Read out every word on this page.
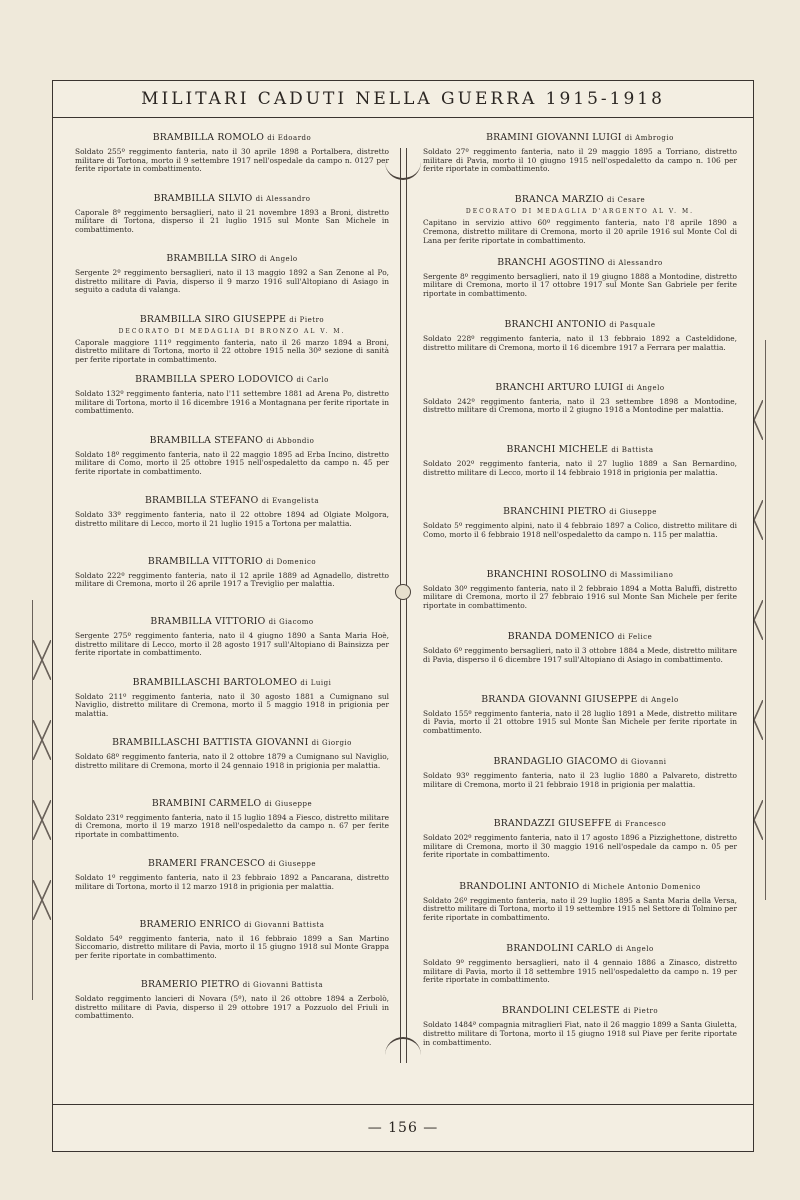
MILITARI CADUTI NELLA GUERRA 1915-1918
BRAMBILLA ROMOLO di Edoardo
Soldato 255º reggimento fanteria, nato il 30 aprile 1898 a Portalbera, distretto militare di Tortona, morto il 9 settembre 1917 nell'ospedale da campo n. 0127 per ferite riportate in combattimento.
BRAMBILLA SILVIO di Alessandro
Caporale 8º reggimento bersaglieri, nato il 21 novembre 1893 a Broni, distretto militare di Tortona, disperso il 21 luglio 1915 sul Monte San Michele in combattimento.
BRAMBILLA SIRO di Angelo
Sergente 2º reggimento bersaglieri, nato il 13 maggio 1892 a San Zenone al Po, distretto militare di Pavia, disperso il 9 marzo 1916 sull'Altopiano di Asiago in seguito a caduta di valanga.
BRAMBILLA SIRO GIUSEPPE di Pietro
DECORATO DI MEDAGLIA DI BRONZO AL V. M.
Caporale maggiore 111º reggimento fanteria, nato il 26 marzo 1894 a Broni, distretto militare di Tortona, morto il 22 ottobre 1915 nella 30ª sezione di sanità per ferite riportate in combattimento.
BRAMBILLA SPERO LODOVICO di Carlo
Soldato 132º reggimento fanteria, nato l'11 settembre 1881 ad Arena Po, distretto militare di Tortona, morto il 16 dicembre 1916 a Montagnana per ferite riportate in combattimento.
BRAMBILLA STEFANO di Abbondio
Soldato 18º reggimento fanteria, nato il 22 maggio 1895 ad Erba Incino, distretto militare di Como, morto il 25 ottobre 1915 nell'ospedaletto da campo n. 45 per ferite riportate in combattimento.
BRAMBILLA STEFANO di Evangelista
Soldato 33º reggimento fanteria, nato il 22 ottobre 1894 ad Olgiate Molgora, distretto militare di Lecco, morto il 21 luglio 1915 a Tortona per malattia.
BRAMBILLA VITTORIO di Domenico
Soldato 222º reggimento fanteria, nato il 12 aprile 1889 ad Agnadello, distretto militare di Cremona, morto il 26 aprile 1917 a Treviglio per malattia.
BRAMBILLA VITTORIO di Giacomo
Sergente 275º reggimento fanteria, nato il 4 giugno 1890 a Santa Maria Hoè, distretto militare di Lecco, morto il 28 agosto 1917 sull'Altopiano di Bainsizza per ferite riportate in combattimento.
BRAMBILLASCHI BARTOLOMEO di Luigi
Soldato 211º reggimento fanteria, nato il 30 agosto 1881 a Cumignano sul Naviglio, distretto militare di Cremona, morto il 5 maggio 1918 in prigionia per malattia.
BRAMBILLASCHI BATTISTA GIOVANNI di Giorgio
Soldato 68º reggimento fanteria, nato il 2 ottobre 1879 a Cumignano sul Naviglio, distretto militare di Cremona, morto il 24 gennaio 1918 in prigionia per malattia.
BRAMBINI CARMELO di Giuseppe
Soldato 231º reggimento fanteria, nato il 15 luglio 1894 a Fiesco, distretto militare di Cremona, morto il 19 marzo 1918 nell'ospedaletto da campo n. 67 per ferite riportate in combattimento.
BRAMERI FRANCESCO di Giuseppe
Soldato 1º reggimento fanteria, nato il 23 febbraio 1892 a Pancarana, distretto militare di Tortona, morto il 12 marzo 1918 in prigionia per malattia.
BRAMERIO ENRICO di Giovanni Battista
Soldato 54º reggimento fanteria, nato il 16 febbraio 1899 a San Martino Siccomario, distretto militare di Pavia, morto il 15 giugno 1918 sul Monte Grappa per ferite riportate in combattimento.
BRAMERIO PIETRO di Giovanni Battista
Soldato reggimento lancieri di Novara (5º), nato il 26 ottobre 1894 a Zerbolò, distretto militare di Pavia, disperso il 29 ottobre 1917 a Pozzuolo del Friuli in combattimento.
BRAMINI GIOVANNI LUIGI di Ambrogio
Soldato 27º reggimento fanteria, nato il 29 maggio 1895 a Torriano, distretto militare di Pavia, morto il 10 giugno 1915 nell'ospedaletto da campo n. 106 per ferite riportate in combattimento.
BRANCA MARZIO di Cesare
DECORATO DI MEDAGLIA D'ARGENTO AL V. M.
Capitano in servizio attivo 60º reggimento fanteria, nato l'8 aprile 1890 a Cremona, distretto militare di Cremona, morto il 20 aprile 1916 sul Monte Col di Lana per ferite riportate in combattimento.
BRANCHI AGOSTINO di Alessandro
Sergente 8º reggimento bersaglieri, nato il 19 giugno 1888 a Montodine, distretto militare di Cremona, morto il 17 ottobre 1917 sul Monte San Gabriele per ferite riportate in combattimento.
BRANCHI ANTONIO di Pasquale
Soldato 228º reggimento fanteria, nato il 13 febbraio 1892 a Casteldidone, distretto militare di Cremona, morto il 16 dicembre 1917 a Ferrara per malattia.
BRANCHI ARTURO LUIGI di Angelo
Soldato 242º reggimento fanteria, nato il 23 settembre 1898 a Montodine, distretto militare di Cremona, morto il 2 giugno 1918 a Montodine per malattia.
BRANCHI MICHELE di Battista
Soldato 202º reggimento fanteria, nato il 27 luglio 1889 a San Bernardino, distretto militare di Lecco, morto il 14 febbraio 1918 in prigionia per malattia.
BRANCHINI PIETRO di Giuseppe
Soldato 5º reggimento alpini, nato il 4 febbraio 1897 a Colico, distretto militare di Como, morto il 6 febbraio 1918 nell'ospedaletto da campo n. 115 per malattia.
BRANCHINI ROSOLINO di Massimiliano
Soldato 30º reggimento fanteria, nato il 2 febbraio 1894 a Motta Baluffi, distretto militare di Cremona, morto il 27 febbraio 1916 sul Monte San Michele per ferite riportate in combattimento.
BRANDA DOMENICO di Felice
Soldato 6º reggimento bersaglieri, nato il 3 ottobre 1884 a Mede, distretto militare di Pavia, disperso il 6 dicembre 1917 sull'Altopiano di Asiago in combattimento.
BRANDA GIOVANNI GIUSEPPE di Angelo
Soldato 155º reggimento fanteria, nato il 28 luglio 1891 a Mede, distretto militare di Pavia, morto il 21 ottobre 1915 sul Monte San Michele per ferite riportate in combattimento.
BRANDAGLIO GIACOMO di Giovanni
Soldato 93º reggimento fanteria, nato il 23 luglio 1880 a Palvareto, distretto militare di Cremona, morto il 21 febbraio 1918 in prigionia per malattia.
BRANDAZZI GIUSEFFE di Francesco
Soldato 202º reggimento fanteria, nato il 17 agosto 1896 a Pizzighettone, distretto militare di Cremona, morto il 30 maggio 1916 nell'ospedale da campo n. 05 per ferite riportate in combattimento.
BRANDOLINI ANTONIO di Michele Antonio Domenico
Soldato 26º reggimento fanteria, nato il 29 luglio 1895 a Santa Maria della Versa, distretto militare di Tortona, morto il 19 settembre 1915 nel Settore di Tolmino per ferite riportate in combattimento.
BRANDOLINI CARLO di Angelo
Soldato 9º reggimento bersaglieri, nato il 4 gennaio 1886 a Zinasco, distretto militare di Pavia, morto il 18 settembre 1915 nell'ospedaletto da campo n. 19 per ferite riportate in combattimento.
BRANDOLINI CELESTE di Pietro
Soldato 1484ª compagnia mitraglieri Fiat, nato il 26 maggio 1899 a Santa Giuletta, distretto militare di Tortona, morto il 15 giugno 1918 sul Piave per ferite riportate in combattimento.
— 156 —
